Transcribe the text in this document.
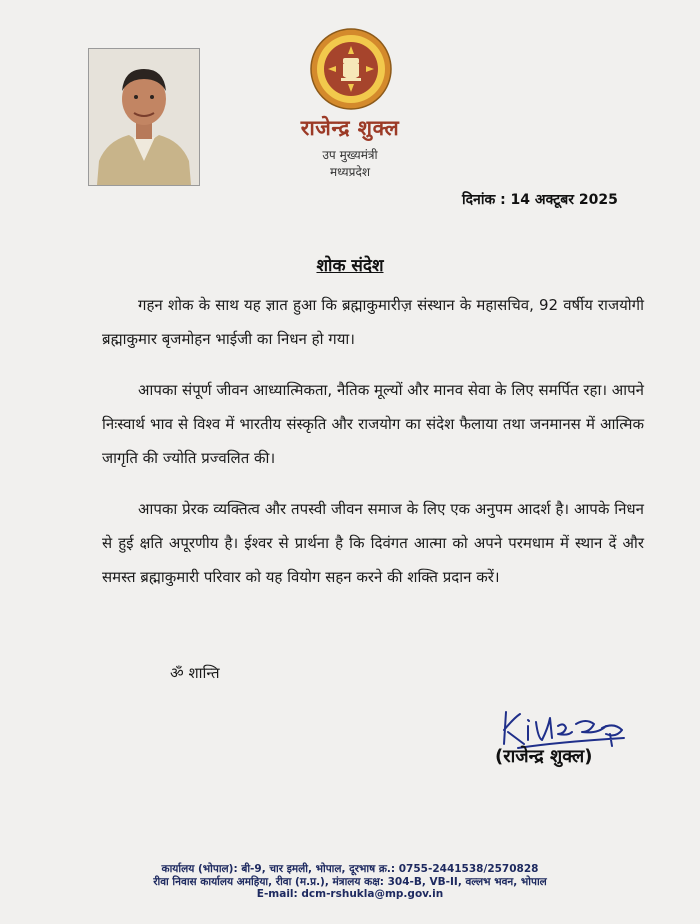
राजेन्द्र शुक्ल
उप मुख्यमंत्री
मध्यप्रदेश
दिनांक : 14 अक्टूबर 2025
शोक संदेश
गहन शोक के साथ यह ज्ञात हुआ कि ब्रह्माकुमारीज़ संस्थान के महासचिव, 92 वर्षीय राजयोगी ब्रह्माकुमार बृजमोहन भाईजी का निधन हो गया।
आपका संपूर्ण जीवन आध्यात्मिकता, नैतिक मूल्यों और मानव सेवा के लिए समर्पित रहा। आपने निःस्वार्थ भाव से विश्व में भारतीय संस्कृति और राजयोग का संदेश फैलाया तथा जनमानस में आत्मिक जागृति की ज्योति प्रज्वलित की।
आपका प्रेरक व्यक्तित्व और तपस्वी जीवन समाज के लिए एक अनुपम आदर्श है। आपके निधन से हुई क्षति अपूरणीय है। ईश्वर से प्रार्थना है कि दिवंगत आत्मा को अपने परमधाम में स्थान दें और समस्त ब्रह्माकुमारी परिवार को यह वियोग सहन करने की शक्ति प्रदान करें।
ॐ शान्ति
(राजेन्द्र शुक्ल)
कार्यालय (भोपाल): बी-9, चार इमली, भोपाल, दूरभाष क्र.: 0755-2441538/2570828
रीवा निवास कार्यालय अमहिया, रीवा (म.प्र.), मंत्रालय कक्ष: 304-B, VB-II, वल्लभ भवन, भोपाल
E-mail: dcm-rshukla@mp.gov.in
